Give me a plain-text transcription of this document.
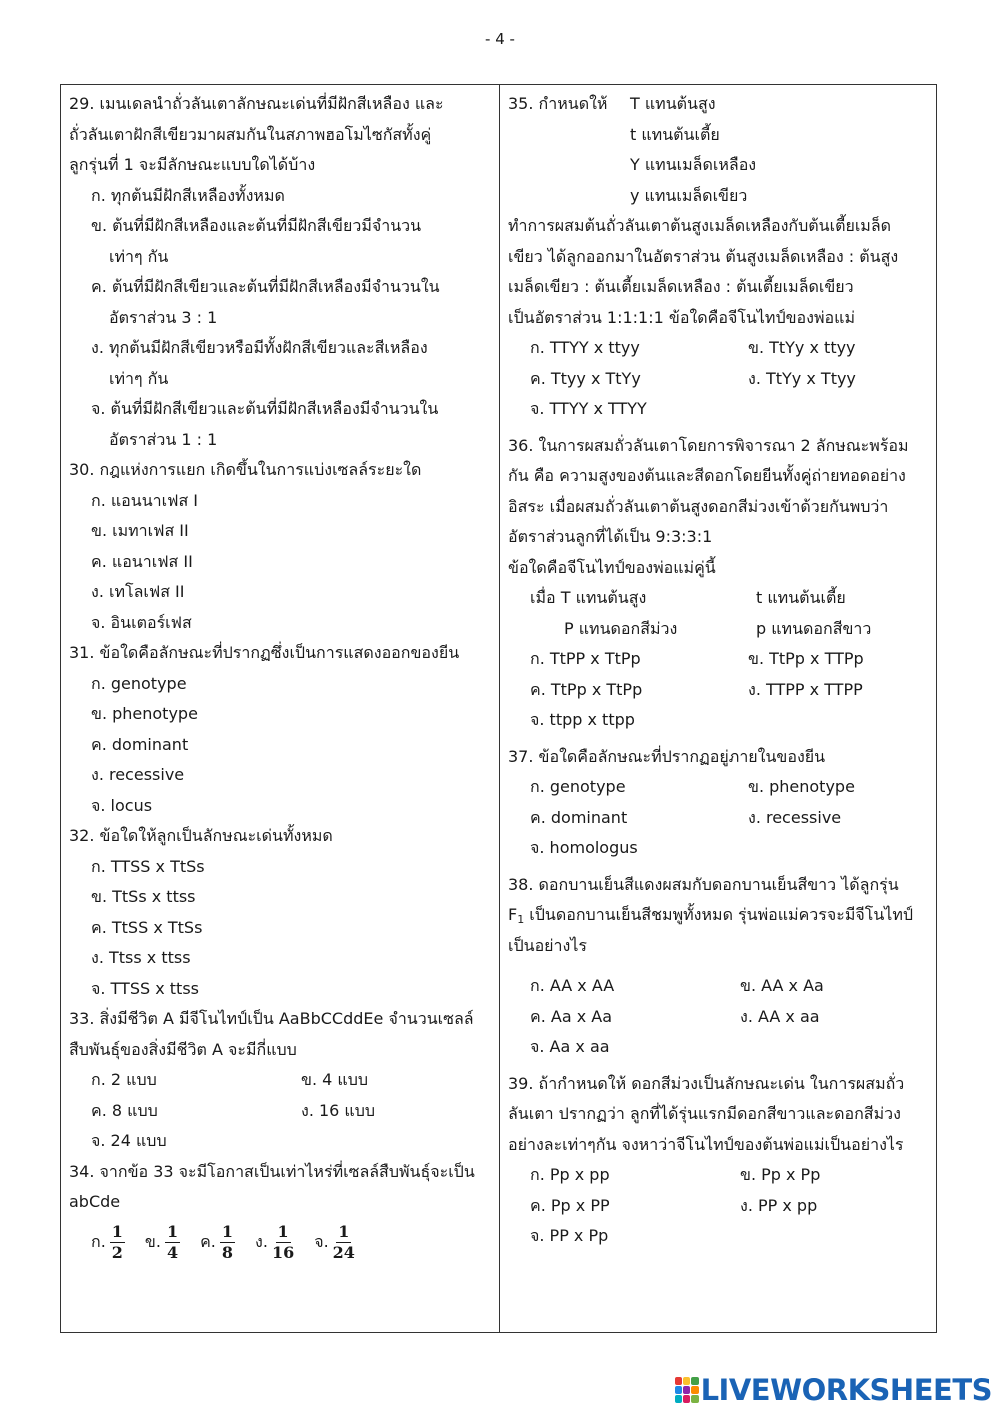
- 4 -
29. เมนเดลนำถั่วลันเตาลักษณะเด่นที่มีฝักสีเหลือง และ
ถั่วลันเตาฝักสีเขียวมาผสมกันในสภาพฮอโมไซกัสทั้งคู่
ลูกรุ่นที่ 1 จะมีลักษณะแบบใดได้บ้าง
ก. ทุกต้นมีฝักสีเหลืองทั้งหมด
ข. ต้นที่มีฝักสีเหลืองและต้นที่มีฝักสีเขียวมีจำนวน
เท่าๆ กัน
ค. ต้นที่มีฝักสีเขียวและต้นที่มีฝักสีเหลืองมีจำนวนใน
อัตราส่วน 3 : 1
ง. ทุกต้นมีฝักสีเขียวหรือมีทั้งฝักสีเขียวและสีเหลือง
เท่าๆ กัน
จ. ต้นที่มีฝักสีเขียวและต้นที่มีฝักสีเหลืองมีจำนวนใน
อัตราส่วน 1 : 1
30. กฎแห่งการแยก เกิดขึ้นในการแบ่งเซลล์ระยะใด
ก. แอนนาเฟส I
ข. เมทาเฟส II
ค. แอนาเฟส II
ง. เทโลเฟส II
จ. อินเตอร์เฟส
31. ข้อใดคือลักษณะที่ปรากฏซึ่งเป็นการแสดงออกของยีน
ก. genotype
ข. phenotype
ค. dominant
ง. recessive
จ. locus
32. ข้อใดให้ลูกเป็นลักษณะเด่นทั้งหมด
ก. TTSS x TtSs
ข. TtSs x ttss
ค. TtSS x TtSs
ง. Ttss x ttss
จ. TTSS x ttss
33. สิ่งมีชีวิต A มีจีโนไทป์เป็น AaBbCCddEe จำนวนเซลล์
สืบพันธุ์ของสิ่งมีชีวิต A จะมีกี่แบบ
ก. 2 แบบ	ข. 4 แบบ
ค. 8 แบบ	ง. 16 แบบ
จ. 24 แบบ
34. จากข้อ 33 จะมีโอกาสเป็นเท่าไหร่ที่เซลล์สืบพันธุ์จะเป็น
abCde
ก. $\frac{1}{2}$ ข. $\frac{1}{4}$ ค. $\frac{1}{8}$ ง. $\frac{1}{16}$ จ. $\frac{1}{24}$
35. กำหนดให้ T แทนต้นสูง
t แทนต้นเตี้ย
Y แทนเมล็ดเหลือง
y แทนเมล็ดเขียว
ทำการผสมต้นถั่วลันเตาต้นสูงเมล็ดเหลืองกับต้นเตี้ยเมล็ด
เขียว ได้ลูกออกมาในอัตราส่วน ต้นสูงเมล็ดเหลือง : ต้นสูง
เมล็ดเขียว : ต้นเตี้ยเมล็ดเหลือง : ต้นเตี้ยเมล็ดเขียว
เป็นอัตราส่วน 1:1:1:1 ข้อใดคือจีโนไทป์ของพ่อแม่
ก. TTYY x ttyy	ข. TtYy x ttyy
ค. Ttyy x TtYy	ง. TtYy x Ttyy
จ. TTYY x TTYY
36. ในการผสมถั่วลันเตาโดยการพิจารณา 2 ลักษณะพร้อม
กัน คือ ความสูงของต้นและสีดอกโดยยีนทั้งคู่ถ่ายทอดอย่าง
อิสระ เมื่อผสมถั่วลันเตาต้นสูงดอกสีม่วงเข้าด้วยกันพบว่า
อัตราส่วนลูกที่ได้เป็น 9:3:3:1
ข้อใดคือจีโนไทป์ของพ่อแม่คู่นี้
เมื่อ T แทนต้นสูง	t แทนต้นเตี้ย
P แทนดอกสีม่วง	p แทนดอกสีขาว
ก. TtPP x TtPp	ข. TtPp x TTPp
ค. TtPp x TtPp	ง. TTPP x TTPP
จ. ttpp x ttpp
37. ข้อใดคือลักษณะที่ปรากฏอยู่ภายในของยีน
ก. genotype	ข. phenotype
ค. dominant	ง. recessive
จ. homologus
38. ดอกบานเย็นสีแดงผสมกับดอกบานเย็นสีขาว ได้ลูกรุ่น
$F_1$ เป็นดอกบานเย็นสีชมพูทั้งหมด รุ่นพ่อแม่ควรจะมีจีโนไทป์
เป็นอย่างไร
ก. AA x AA	ข. AA x Aa
ค. Aa x Aa	ง. AA x aa
จ. Aa x aa
39. ถ้ากำหนดให้ ดอกสีม่วงเป็นลักษณะเด่น ในการผสมถั่ว
ลันเตา ปรากฏว่า ลูกที่ได้รุ่นแรกมีดอกสีขาวและดอกสีม่วง
อย่างละเท่าๆกัน จงหาว่าจีโนไทป์ของต้นพ่อแม่เป็นอย่างไร
ก. Pp x pp	ข. Pp x Pp
ค. Pp x PP	ง. PP x pp
จ. PP x Pp
LIVEWORKSHEETS
